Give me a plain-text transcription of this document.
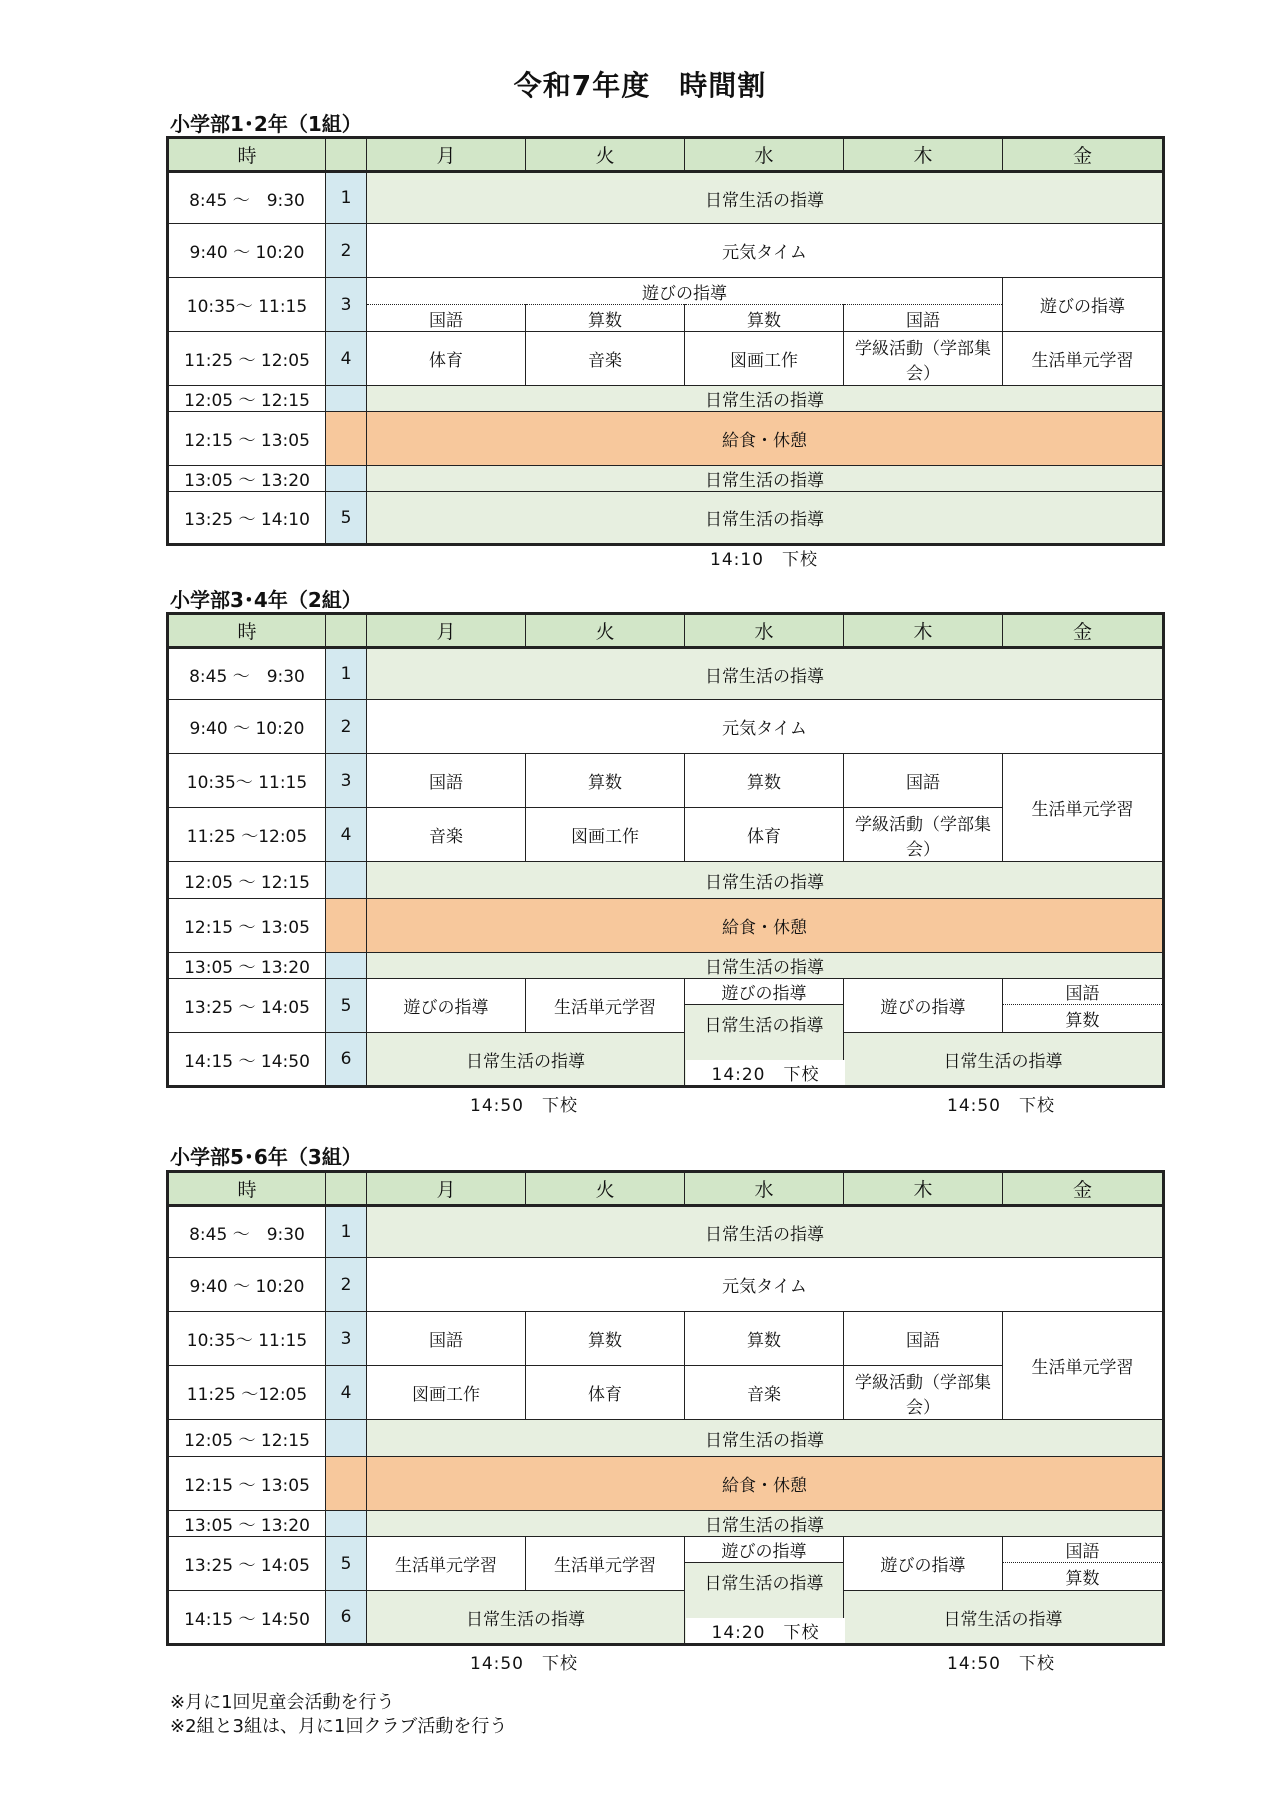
令和7年度　時間割
小学部1･2年（1組）
時		月	火	水	木	金
8:45 〜　9:30	1	日常生活の指導				
9:40 〜 10:20	2	元気タイム				
10:35〜 11:15	3	遊びの指導				遊びの指導
		国語	算数	算数	国語	
11:25 〜 12:05	4	体育	音楽	図画工作	学級活動（学部集会）	生活単元学習
12:05 〜 12:15		日常生活の指導				
12:15 〜 13:05		給食・休憩				
13:05 〜 13:20		日常生活の指導				
13:25 〜 14:10	5	日常生活の指導				
14:10　下校
小学部3･4年（2組）
時		月	火	水	木	金
8:45 〜　9:30	1	日常生活の指導				
9:40 〜 10:20	2	元気タイム				
10:35〜 11:15	3	国語	算数	算数	国語	生活単元学習
11:25 〜12:05	4	音楽	図画工作	体育	学級活動（学部集会）	
12:05 〜 12:15		日常生活の指導				
12:15 〜 13:05		給食・休憩				
13:05 〜 13:20		日常生活の指導				
13:25 〜 14:05	5	遊びの指導	生活単元学習	遊びの指導	遊びの指導	国語
				日常生活の指導		算数
14:15 〜 14:50	6	日常生活の指導			日常生活の指導	
14:20　下校
14:50　下校	14:50　下校
小学部5･6年（3組）
時		月	火	水	木	金
8:45 〜　9:30	1	日常生活の指導				
9:40 〜 10:20	2	元気タイム				
10:35〜 11:15	3	国語	算数	算数	国語	生活単元学習
11:25 〜12:05	4	図画工作	体育	音楽	学級活動（学部集会）	
12:05 〜 12:15		日常生活の指導				
12:15 〜 13:05		給食・休憩				
13:05 〜 13:20		日常生活の指導				
13:25 〜 14:05	5	生活単元学習	生活単元学習	遊びの指導	遊びの指導	国語
				日常生活の指導		算数
14:15 〜 14:50	6	日常生活の指導			日常生活の指導	
14:20　下校
14:50　下校	14:50　下校
※月に1回児童会活動を行う
※2組と3組は、月に1回クラブ活動を行う
